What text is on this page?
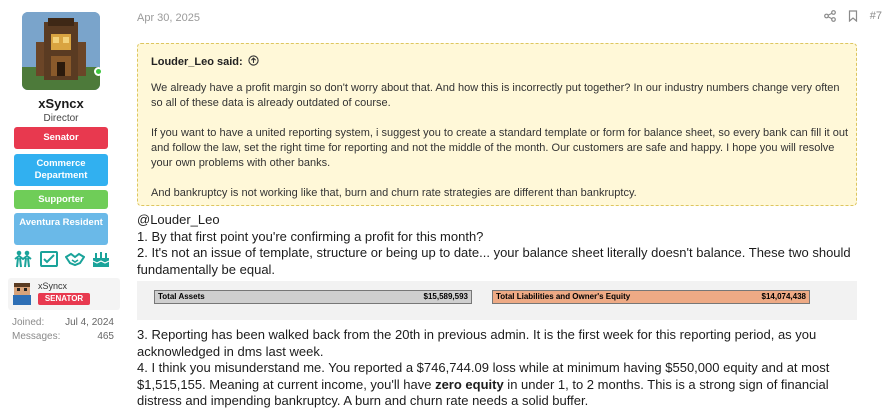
xSyncx
Director
Senator
Commerce Department
Supporter
Aventura Resident
xSyncx
SENATOR
Joined: Jul 4, 2024
Messages:	465
Apr 30, 2025	#7
Louder_Leo said:

We already have a profit margin so don't worry about that. And how this is incorrectly put together? In our industry numbers change very often so all of these data is already outdated of course.

If you want to have a united reporting system, i suggest you to create a standard template or form for balance sheet, so every bank can fill it out and follow the law, set the right time for reporting and not the middle of the month. Our customers are safe and happy. I hope you will resolve your own problems with other banks.

And bankruptcy is not working like that, burn and churn rate strategies are different than bankruptcy.

@Louder_Leo
1. By that first point you're confirming a profit for this month?
2. It's not an issue of template, structure or being up to date... your balance sheet literally doesn't balance. These two should fundamentally be equal.
Total Assets	$15,589,593	Total Liabilities and Owner's Equity	$14,074,438
3. Reporting has been walked back from the 20th in previous admin. It is the first week for this reporting period, as you acknowledged in dms last week.
4. I think you misunderstand me. You reported a $746,744.09 loss while at minimum having $550,000 equity and at most $1,515,155. Meaning at current income, you'll have zero equity in under 1, to 2 months. This is a strong sign of financial distress and impending bankruptcy. A burn and churn rate needs a solid buffer.
